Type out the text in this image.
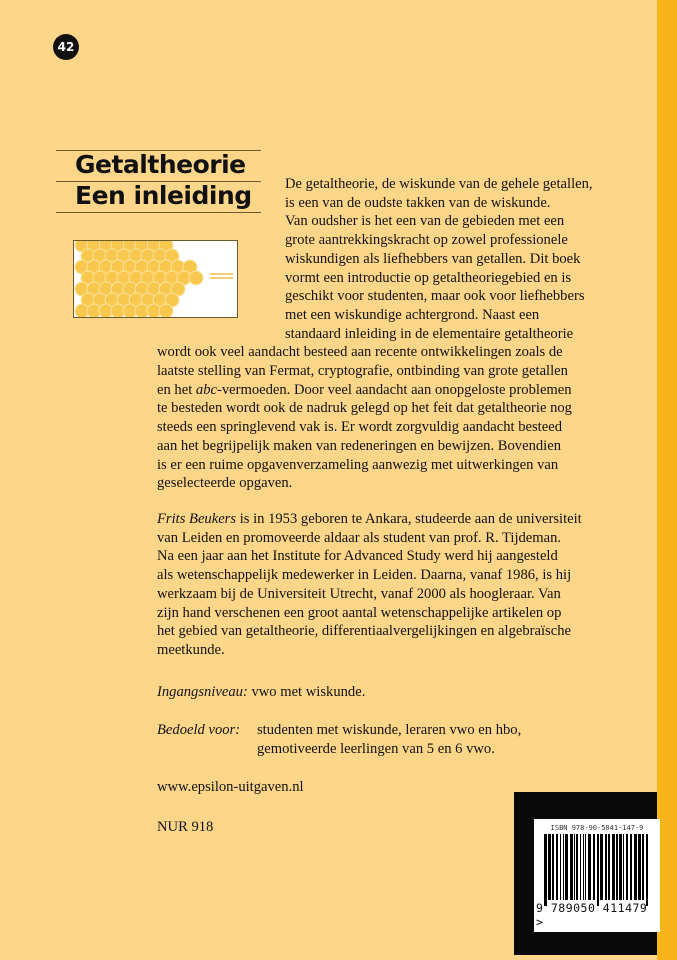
42
Getaltheorie
Een inleiding
ISBN 978-90-5041-147-9
9 789050 411479 >
De getaltheorie, de wiskunde van de gehele getallen,
is een van de oudste takken van de wiskunde.
Van oudsher is het een van de gebieden met een
grote aantrekkingskracht op zowel professionele
wiskundigen als liefhebbers van getallen. Dit boek
vormt een introductie op getaltheoriegebied en is
geschikt voor studenten, maar ook voor liefhebbers
met een wiskundige achtergrond. Naast een
standaard inleiding in de elementaire getaltheorie
wordt ook veel aandacht besteed aan recente ontwikkelingen zoals de
laatste stelling van Fermat, cryptografie, ontbinding van grote getallen
en het abc-vermoeden. Door veel aandacht aan onopgeloste problemen
te besteden wordt ook de nadruk gelegd op het feit dat getaltheorie nog
steeds een springlevend vak is. Er wordt zorgvuldig aandacht besteed
aan het begrijpelijk maken van redeneringen en bewijzen. Bovendien
is er een ruime opgavenverzameling aanwezig met uitwerkingen van
geselecteerde opgaven.
Frits Beukers is in 1953 geboren te Ankara, studeerde aan de universiteit
van Leiden en promoveerde aldaar als student van prof. R. Tijdeman.
Na een jaar aan het Institute for Advanced Study werd hij aangesteld
als wetenschappelijk medewerker in Leiden. Daarna, vanaf 1986, is hij
werkzaam bij de Universiteit Utrecht, vanaf 2000 als hoogleraar. Van
zijn hand verschenen een groot aantal wetenschappelijke artikelen op
het gebied van getaltheorie, differentiaalvergelijkingen en algebraïsche
meetkunde.
Ingangsniveau: vwo met wiskunde.
Bedoeld voor: studenten met wiskunde, leraren vwo en hbo,
gemotiveerde leerlingen van 5 en 6 vwo.
www.epsilon-uitgaven.nl
NUR 918
